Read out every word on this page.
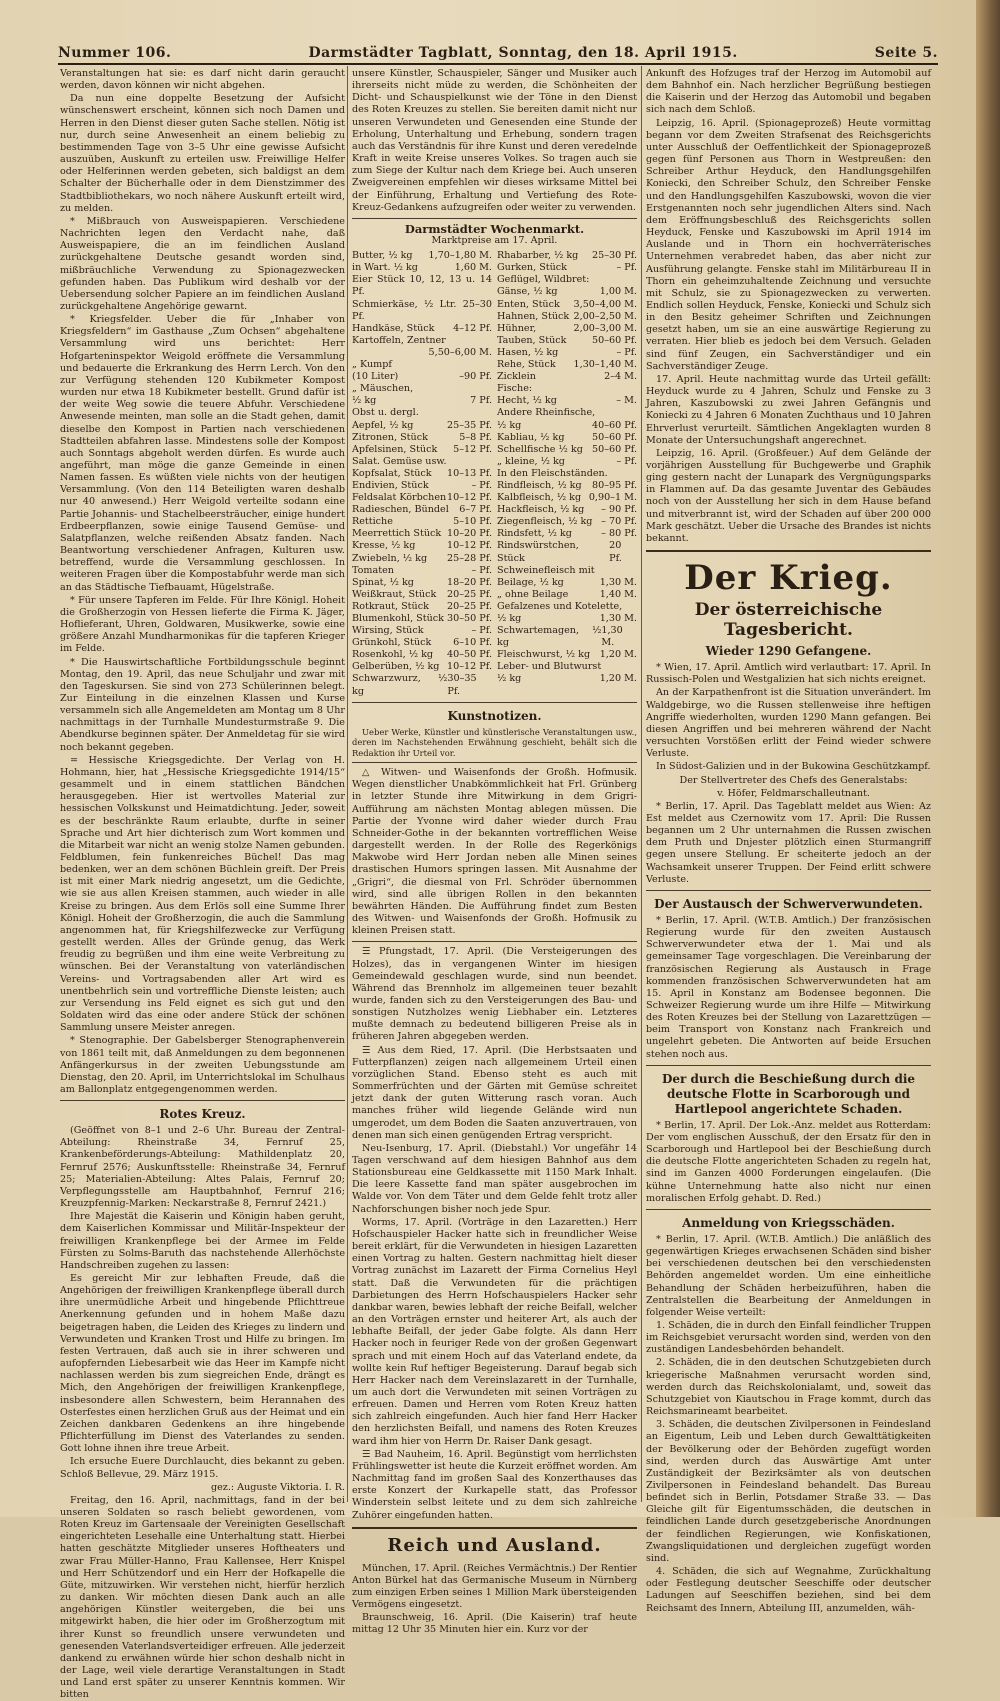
Nummer 106.	Darmstädter Tagblatt, Sonntag, den 18. April 1915.	Seite 5.

Veranstaltungen hat sie: es darf nicht darin geraucht werden, davon können wir nicht abgehen.

Da nun eine doppelte Besetzung der Aufsicht wünschenswert erscheint, können sich noch Damen und Herren in den Dienst dieser guten Sache stellen. Nötig ist nur, durch seine Anwesenheit an einem beliebig zu bestimmenden Tage von 3–5 Uhr eine gewisse Aufsicht auszuüben, Auskunft zu erteilen usw. Freiwillige Helfer oder Helferinnen werden gebeten, sich baldigst an dem Schalter der Bücherhalle oder in dem Dienstzimmer des Stadtbibliothekars, wo noch nähere Auskunft erteilt wird, zu melden.

* Mißbrauch von Ausweispapieren. Verschiedene Nachrichten legen den Verdacht nahe, daß Ausweispapiere, die an im feindlichen Ausland zurückgehaltene Deutsche gesandt worden sind, mißbräuchliche Verwendung zu Spionagezwecken gefunden haben. Das Publikum wird deshalb vor der Uebersendung solcher Papiere an im feindlichen Ausland zurückgehaltene Angehörige gewarnt.

* Kriegsfelder. Ueber die für „Inhaber von Kriegsfeldern“ im Gasthause „Zum Ochsen“ abgehaltene Versammlung wird uns berichtet: Herr Hofgarteninspektor Weigold eröffnete die Versammlung und bedauerte die Erkrankung des Herrn Lerch. Von den zur Verfügung stehenden 120 Kubikmeter Kompost wurden nur etwa 18 Kubikmeter bestellt. Grund dafür ist der weite Weg sowie die teuere Abfuhr. Verschiedene Anwesende meinten, man solle an die Stadt gehen, damit dieselbe den Kompost in Partien nach verschiedenen Stadtteilen abfahren lasse. Mindestens solle der Kompost auch Sonntags abgeholt werden dürfen. Es wurde auch angeführt, man möge die ganze Gemeinde in einen Namen fassen. Es wüßten viele nichts von der heutigen Versammlung. (Von den 114 Beteiligten waren deshalb nur 40 anwesend.) Herr Weigold verteilte sodann eine Partie Johannis- und Stachelbeersträucher, einige hundert Erdbeerpflanzen, sowie einige Tausend Gemüse- und Salatpflanzen, welche reißenden Absatz fanden. Nach Beantwortung verschiedener Anfragen, Kulturen usw. betreffend, wurde die Versammlung geschlossen. In weiteren Fragen über die Kompostabfuhr werde man sich an das Städtische Tiefbauamt, Hügelstraße.

* Für unsere Tapferen im Felde. Für Ihre Königl. Hoheit die Großherzogin von Hessen lieferte die Firma K. Jäger, Hoflieferant, Uhren, Goldwaren, Musikwerke, sowie eine größere Anzahl Mundharmonikas für die tapferen Krieger im Felde.

* Die Hauswirtschaftliche Fortbildungsschule beginnt Montag, den 19. April, das neue Schuljahr und zwar mit den Tageskursen. Sie sind von 273 Schülerinnen belegt. Zur Einteilung in die einzelnen Klassen und Kurse versammeln sich alle Angemeldeten am Montag um 8 Uhr nachmittags in der Turnhalle Mundesturmstraße 9. Die Abendkurse beginnen später. Der Anmeldetag für sie wird noch bekannt gegeben.

= Hessische Kriegsgedichte. Der Verlag von H. Hohmann, hier, hat „Hessische Kriegsgedichte 1914/15“ gesammelt und in einem stattlichen Bändchen herausgegeben. Hier ist wertvolles Material zur hessischen Volkskunst und Heimatdichtung. Jeder, soweit es der beschränkte Raum erlaubte, durfte in seiner Sprache und Art hier dichterisch zum Wort kommen und die Mitarbeit war nicht an wenig stolze Namen gebunden. Feldblumen, fein funkenreiches Büchel! Das mag bedenken, wer an dem schönen Büchlein greift. Der Preis ist mit einer Mark niedrig angesetzt, um die Gedichte, wie sie aus allen Kreisen stammen, auch wieder in alle Kreise zu bringen. Aus dem Erlös soll eine Summe Ihrer Königl. Hoheit der Großherzogin, die auch die Sammlung angenommen hat, für Kriegshilfezwecke zur Verfügung gestellt werden. Alles der Gründe genug, das Werk freudig zu begrüßen und ihm eine weite Verbreitung zu wünschen. Bei der Veranstaltung von vaterländischen Vereins- und Vortragsabenden aller Art wird es unentbehrlich sein und vortreffliche Dienste leisten; auch zur Versendung ins Feld eignet es sich gut und den Soldaten wird das eine oder andere Stück der schönen Sammlung unsere Meister anregen.

* Stenographie. Der Gabelsberger Stenographenverein von 1861 teilt mit, daß Anmeldungen zu dem begonnenen Anfängerkursus in der zweiten Uebungsstunde am Dienstag, den 20. April, im Unterrichtslokal im Schulhaus am Ballonplatz entgegengenommen werden.

Rotes Kreuz.

(Geöffnet von 8–1 und 2–6 Uhr. Bureau der Zentral-Abteilung: Rheinstraße 34, Fernruf 25, Krankenbeförderungs-Abteilung: Mathildenplatz 20, Fernruf 2576; Auskunftsstelle: Rheinstraße 34, Fernruf 25; Materialien-Abteilung: Altes Palais, Fernruf 20; Verpflegungsstelle am Hauptbahnhof, Fernruf 216; Kreuzpfennig-Marken: Neckarstraße 8, Fernruf 2421.)

Ihre Majestät die Kaiserin und Königin haben geruht, dem Kaiserlichen Kommissar und Militär-Inspekteur der freiwilligen Krankenpflege bei der Armee im Felde Fürsten zu Solms-Baruth das nachstehende Allerhöchste Handschreiben zugehen zu lassen:

Es gereicht Mir zur lebhaften Freude, daß die Angehörigen der freiwilligen Krankenpflege überall durch ihre unermüdliche Arbeit und hingebende Pflichttreue Anerkennung gefunden und in hohem Maße dazu beigetragen haben, die Leiden des Krieges zu lindern und Verwundeten und Kranken Trost und Hilfe zu bringen. Im festen Vertrauen, daß auch sie in ihrer schweren und aufopfernden Liebesarbeit wie das Heer im Kampfe nicht nachlassen werden bis zum siegreichen Ende, drängt es Mich, den Angehörigen der freiwilligen Krankenpflege, insbesondere allen Schwestern, beim Herannahen des Osterfestes einen herzlichen Gruß aus der Heimat und ein Zeichen dankbaren Gedenkens an ihre hingebende Pflichterfüllung im Dienst des Vaterlandes zu senden. Gott lohne ihnen ihre treue Arbeit.

Ich ersuche Euere Durchlaucht, dies bekannt zu geben. Schloß Bellevue, 29. März 1915.

gez.: Auguste Viktoria. I. R.

Freitag, den 16. April, nachmittags, fand in der bei unseren Soldaten so rasch beliebt gewordenen, vom Roten Kreuz im Gartensaale der Vereinigten Gesellschaft eingerichteten Lesehalle eine Unterhaltung statt. Hierbei hatten geschätzte Mitglieder unseres Hoftheaters und zwar Frau Müller-Hanno, Frau Kallensee, Herr Knispel und Herr Schützendorf und ein Herr der Hofkapelle die Güte, mitzuwirken. Wir verstehen nicht, hierfür herzlich zu danken. Wir möchten diesen Dank auch an alle angehörigen Künstler weitergeben, die bei uns mitgewirkt haben, die hier oder im Großherzogtum mit ihrer Kunst so freundlich unsere verwundeten und genesenden Vaterlandsverteidiger erfreuen. Alle jederzeit dankend zu erwähnen würde hier schon deshalb nicht in der Lage, weil viele derartige Veranstaltungen in Stadt und Land erst später zu unserer Kenntnis kommen. Wir bitten

unsere Künstler, Schauspieler, Sänger und Musiker auch ihrerseits nicht müde zu werden, die Schönheiten der Dicht- und Schauspielkunst wie der Töne in den Dienst des Roten Kreuzes zu stellen. Sie bereiten damit nicht nur unseren Verwundeten und Genesenden eine Stunde der Erholung, Unterhaltung und Erhebung, sondern tragen auch das Verständnis für ihre Kunst und deren veredelnde Kraft in weite Kreise unseres Volkes. So tragen auch sie zum Siege der Kultur nach dem Kriege bei. Auch unseren Zweigvereinen empfehlen wir dieses wirksame Mittel bei der Einführung, Erhaltung und Vertiefung des Rote-Kreuz-Gedankens aufzugreifen oder weiter zu verwenden.

Darmstädter Wochenmarkt.
Marktpreise am 17. April.
Butter, ½ kg 1,70–1,80 M.
in Wart. ½ kg	1,60 M.
Eier Stück 10, 12, 13 u. 14 Pf.
Schmierkäse, ½ Ltr. 25–30 Pf.
Handkäse, Stück 4–12 Pf.
Kartoffeln, Zentner
5,50–6,00 M.
„ Kumpf
(10 Liter)	–90 Pf.
„ Mäuschen,
½ kg	7 Pf.
Obst u. dergl.
Aepfel, ½ kg	25–35 Pf.
Zitronen, Stück	5–8 Pf.
Apfelsinen, Stück 5–12 Pf.
Salat. Gemüse usw.
Kopfsalat, Stück 10–13 Pf.
Endivien, Stück	– Pf.
Feldsalat Körbchen 10–12 Pf.
Radieschen, Bündel 6–7 Pf.
Rettiche	5–10 Pf.
Meerrettich Stück 10–20 Pf.
Kresse, ½ kg	10–12 Pf.
Zwiebeln, ½ kg 25–28 Pf.
Tomaten	– Pf.
Spinat, ½ kg	18–20 Pf.
Weißkraut, Stück 20–25 Pf.
Rotkraut, Stück 20–25 Pf.
Blumenkohl, Stück 30–50 Pf.
Wirsing, Stück	– Pf.
Grünkohl, Stück 6–10 Pf.
Rosenkohl, ½ kg 40–50 Pf.
Gelberüben, ½ kg 10–12 Pf.
Schwarzwurz, ½ kg
30–35 Pf.
Rhabarber, ½ kg 25–30 Pf.
Gurken, Stück	– Pf.
Geflügel, Wildbret:
Gänse, ½ kg	1,00 M.
Enten, Stück 3,50–4,00 M.
Hahnen, Stück 2,00–2,50 M.
Hühner,	2,00–3,00 M.
Tauben, Stück	50–60 Pf.
Hasen, ½ kg	– Pf.
Rehe, Stück 1,30–1,40 M.
Zicklein	2–4 M.
Fische:
Hecht, ½ kg	– M.
Andere Rheinfische,
½ kg	40–60 Pf.
Kabliau, ½ kg	50–60 Pf.
Schellfische ½ kg 50–60 Pf.
„ kleine, ½ kg	– Pf.
In den Fleischständen.
Rindfleisch, ½ kg 80–95 Pf.
Kalbfleisch, ½ kg 0,90–1 M.
Hackfleisch, ½ kg – 90 Pf.
Ziegenfleisch, ½ kg – 70 Pf.
Rindsfett, ½ kg	– 80 Pf.
Rindswürstchen, Stück
20 Pf.
Schweinefleisch mit
Beilage, ½ kg	1,30 M.
„ ohne Beilage	1,40 M.
Gefalzenes und Kotelette,
½ kg	1,30 M.
Schwartemagen, ½ kg
1,30 M.
Fleischwurst, ½ kg 1,20 M.
Leber- und Blutwurst
½ kg	1,20 M.
Kunstnotizen.

Ueber Werke, Künstler und künstlerische Veranstaltungen usw., deren im Nachstehenden Erwähnung geschieht, behält sich die Redaktion ihr Urteil vor.

△ Witwen- und Waisenfonds der Großh. Hofmusik. Wegen dienstlicher Unabkömmlichkeit hat Frl. Grünberg in letzter Stunde ihre Mitwirkung in dem Grigri-Aufführung am nächsten Montag ablegen müssen. Die Partie der Yvonne wird daher wieder durch Frau Schneider-Gothe in der bekannten vortrefflichen Weise dargestellt werden. In der Rolle des Regerkönigs Makwobe wird Herr Jordan neben alle Minen seines drastischen Humors springen lassen. Mit Ausnahme der „Grigri“, die diesmal von Frl. Schröder übernommen wird, sind alle übrigen Rollen in den bekannten bewährten Händen. Die Aufführung findet zum Besten des Witwen- und Waisenfonds der Großh. Hofmusik zu kleinen Preisen statt.

☰ Pfungstadt, 17. April. (Die Versteigerungen des Holzes), das in vergangenen Winter im hiesigen Gemeindewald geschlagen wurde, sind nun beendet. Während das Brennholz im allgemeinen teuer bezahlt wurde, fanden sich zu den Versteigerungen des Bau- und sonstigen Nutzholzes wenig Liebhaber ein. Letzteres mußte demnach zu bedeutend billigeren Preise als in früheren Jahren abgegeben werden.

☰ Aus dem Ried, 17. April. (Die Herbstsaaten und Futterpflanzen) zeigen nach allgemeinem Urteil einen vorzüglichen Stand. Ebenso steht es auch mit Sommerfrüchten und der Gärten mit Gemüse schreitet jetzt dank der guten Witterung rasch voran. Auch manches früher wild liegende Gelände wird nun umgerodet, um dem Boden die Saaten anzuvertrauen, von denen man sich einen genügenden Ertrag verspricht.

Neu-Isenburg, 17. April. (Diebstahl.) Vor ungefähr 14 Tagen verschwand auf dem hiesigen Bahnhof aus dem Stationsbureau eine Geldkassette mit 1150 Mark Inhalt. Die leere Kassette fand man später ausgebrochen im Walde vor. Von dem Täter und dem Gelde fehlt trotz aller Nachforschungen bisher noch jede Spur.

Worms, 17. April. (Vorträge in den Lazaretten.) Herr Hofschauspieler Hacker hatte sich in freundlicher Weise bereit erklärt, für die Verwundeten in hiesigen Lazaretten einen Vortrag zu halten. Gestern nachmittag hielt dieser Vortrag zunächst im Lazarett der Firma Cornelius Heyl statt. Daß die Verwundeten für die prächtigen Darbietungen des Herrn Hofschauspielers Hacker sehr dankbar waren, bewies lebhaft der reiche Beifall, welcher an den Vorträgen ernster und heiterer Art, als auch der lebhafte Beifall, der jeder Gabe folgte. Als dann Herr Hacker noch in feuriger Rede von der großen Gegenwart sprach und mit einem Hoch auf das Vaterland endete, da wollte kein Ruf heftiger Begeisterung. Darauf begab sich Herr Hacker nach dem Vereinslazarett in der Turnhalle, um auch dort die Verwundeten mit seinen Vorträgen zu erfreuen. Damen und Herren vom Roten Kreuz hatten sich zahlreich eingefunden. Auch hier fand Herr Hacker den herzlichsten Beifall, und namens des Roten Kreuzes ward ihm hier von Herrn Dr. Raiser Dank gesagt.

☰ Bad Nauheim, 16. April. Begünstigt vom herrlichsten Frühlingswetter ist heute die Kurzeit eröffnet worden. Am Nachmittag fand im großen Saal des Konzerthauses das erste Konzert der Kurkapelle statt, das Professor Winderstein selbst leitete und zu dem sich zahlreiche Zuhörer eingefunden hatten.

Reich und Ausland.

München, 17. April. (Reiches Vermächtnis.) Der Rentier Anton Bürkel hat das Germanische Museum in Nürnberg zum einzigen Erben seines 1 Million Mark übersteigenden Vermögens eingesetzt.

Braunschweig, 16. April. (Die Kaiserin) traf heute mittag 12 Uhr 35 Minuten hier ein. Kurz vor der

Ankunft des Hofzuges traf der Herzog im Automobil auf dem Bahnhof ein. Nach herzlicher Begrüßung bestiegen die Kaiserin und der Herzog das Automobil und begaben sich nach dem Schloß.

Leipzig, 16. April. (Spionageprozeß) Heute vormittag begann vor dem Zweiten Strafsenat des Reichsgerichts unter Ausschluß der Oeffentlichkeit der Spionageprozeß gegen fünf Personen aus Thorn in Westpreußen: den Schreiber Arthur Heyduck, den Handlungsgehilfen Koniecki, den Schreiber Schulz, den Schreiber Fenske und den Handlungsgehilfen Kaszubowski, wovon die vier Erstgenannten noch sehr jugendlichen Alters sind. Nach dem Eröffnungsbeschluß des Reichsgerichts sollen Heyduck, Fenske und Kaszubowski im April 1914 im Auslande und in Thorn ein hochverräterisches Unternehmen verabredet haben, das aber nicht zur Ausführung gelangte. Fenske stahl im Militärbureau II in Thorn ein geheimzuhaltende Zeichnung und versuchte mit Schulz, sie zu Spionagezwecken zu verwerten. Endlich sollen Heyduck, Fenske, Koniecki und Schulz sich in den Besitz geheimer Schriften und Zeichnungen gesetzt haben, um sie an eine auswärtige Regierung zu verraten. Hier blieb es jedoch bei dem Versuch. Geladen sind fünf Zeugen, ein Sachverständiger und ein Sachverständiger Zeuge.

17. April. Heute nachmittag wurde das Urteil gefällt: Heyduck wurde zu 4 Jahren, Schulz und Fenske zu 3 Jahren, Kaszubowski zu zwei Jahren Gefängnis und Koniecki zu 4 Jahren 6 Monaten Zuchthaus und 10 Jahren Ehrverlust verurteilt. Sämtlichen Angeklagten wurden 8 Monate der Untersuchungshaft angerechnet.

Leipzig, 16. April. (Großfeuer.) Auf dem Gelände der vorjährigen Ausstellung für Buchgewerbe und Graphik ging gestern nacht der Lunapark des Vergnügungsparks in Flammen auf. Da das gesamte Juventar des Gebäudes noch von der Ausstellung her sich in dem Hause befand und mitverbrannt ist, wird der Schaden auf über 200 000 Mark geschätzt. Ueber die Ursache des Brandes ist nichts bekannt.

Der Krieg.
Der österreichische Tagesbericht.
Wieder 1290 Gefangene.

* Wien, 17. April. Amtlich wird verlautbart: 17. April. In Russisch-Polen und Westgalizien hat sich nichts ereignet.

An der Karpathenfront ist die Situation unverändert. Im Waldgebirge, wo die Russen stellenweise ihre heftigen Angriffe wiederholten, wurden 1290 Mann gefangen. Bei diesen Angriffen und bei mehreren während der Nacht versuchten Vorstößen erlitt der Feind wieder schwere Verluste.

In Südost-Galizien und in der Bukowina Geschützkampf.

Der Stellvertreter des Chefs des Generalstabs:

v. Höfer, Feldmarschalleutnant.

* Berlin, 17. April. Das Tageblatt meldet aus Wien: Az Est meldet aus Czernowitz vom 17. April: Die Russen begannen um 2 Uhr unternahmen die Russen zwischen dem Pruth und Dnjester plötzlich einen Sturmangriff gegen unsere Stellung. Er scheiterte jedoch an der Wachsamkeit unserer Truppen. Der Feind erlitt schwere Verluste.

Der Austausch der Schwerverwundeten.

* Berlin, 17. April. (W.T.B. Amtlich.) Der französischen Regierung wurde für den zweiten Austausch Schwerverwundeter etwa der 1. Mai und als gemeinsamer Tage vorgeschlagen. Die Vereinbarung der französischen Regierung als Austausch in Frage kommenden französischen Schwerverwundeten hat am 15. April in Konstanz am Bodensee begonnen. Die Schweizer Regierung wurde um ihre Hilfe — Mitwirkung des Roten Kreuzes bei der Stellung von Lazarettzügen — beim Transport von Konstanz nach Frankreich und ungelehrt gebeten. Die Antworten auf beide Ersuchen stehen noch aus.

Der durch die Beschießung durch die deutsche Flotte in Scarborough und Hartlepool angerichtete Schaden.

* Berlin, 17. April. Der Lok.-Anz. meldet aus Rotterdam: Der vom englischen Ausschuß, der den Ersatz für den in Scarborough und Hartlepool bei der Beschießung durch die deutsche Flotte angerichteten Schaden zu regeln hat, sind im Ganzen 4000 Forderungen eingelaufen. (Die kühne Unternehmung hatte also nicht nur einen moralischen Erfolg gehabt. D. Red.)

Anmeldung von Kriegsschäden.

* Berlin, 17. April. (W.T.B. Amtlich.) Die anläßlich des gegenwärtigen Krieges erwachsenen Schäden sind bisher bei verschiedenen deutschen bei den verschiedensten Behörden angemeldet worden. Um eine einheitliche Behandlung der Schäden herbeizuführen, haben die Zentralstellen die Bearbeitung der Anmeldungen in folgender Weise verteilt:

1. Schäden, die in durch den Einfall feindlicher Truppen im Reichsgebiet verursacht worden sind, werden von den zuständigen Landesbehörden behandelt.

2. Schäden, die in den deutschen Schutzgebieten durch kriegerische Maßnahmen verursacht worden sind, werden durch das Reichskolonialamt, und, soweit das Schutzgebiet von Kiautschou in Frage kommt, durch das Reichsmarineamt bearbeitet.

3. Schäden, die deutschen Zivilpersonen in Feindesland an Eigentum, Leib und Leben durch Gewalttätigkeiten der Bevölkerung oder der Behörden zugefügt worden sind, werden durch das Auswärtige Amt unter Zuständigkeit der Bezirksämter als von deutschen Zivilpersonen in Feindesland behandelt. Das Bureau befindet sich in Berlin, Potsdamer Straße 33. — Das Gleiche gilt für Eigentumsschäden, die deutschen in feindlichen Lande durch gesetzgeberische Anordnungen der feindlichen Regierungen, wie Konfiskationen, Zwangsliquidationen und dergleichen zugefügt worden sind.

4. Schäden, die sich auf Wegnahme, Zurückhaltung oder Festlegung deutscher Seeschiffe oder deutscher Ladungen auf Seeschiffen beziehen, sind bei dem Reichsamt des Innern, Abteilung III, anzumelden, wäh-
